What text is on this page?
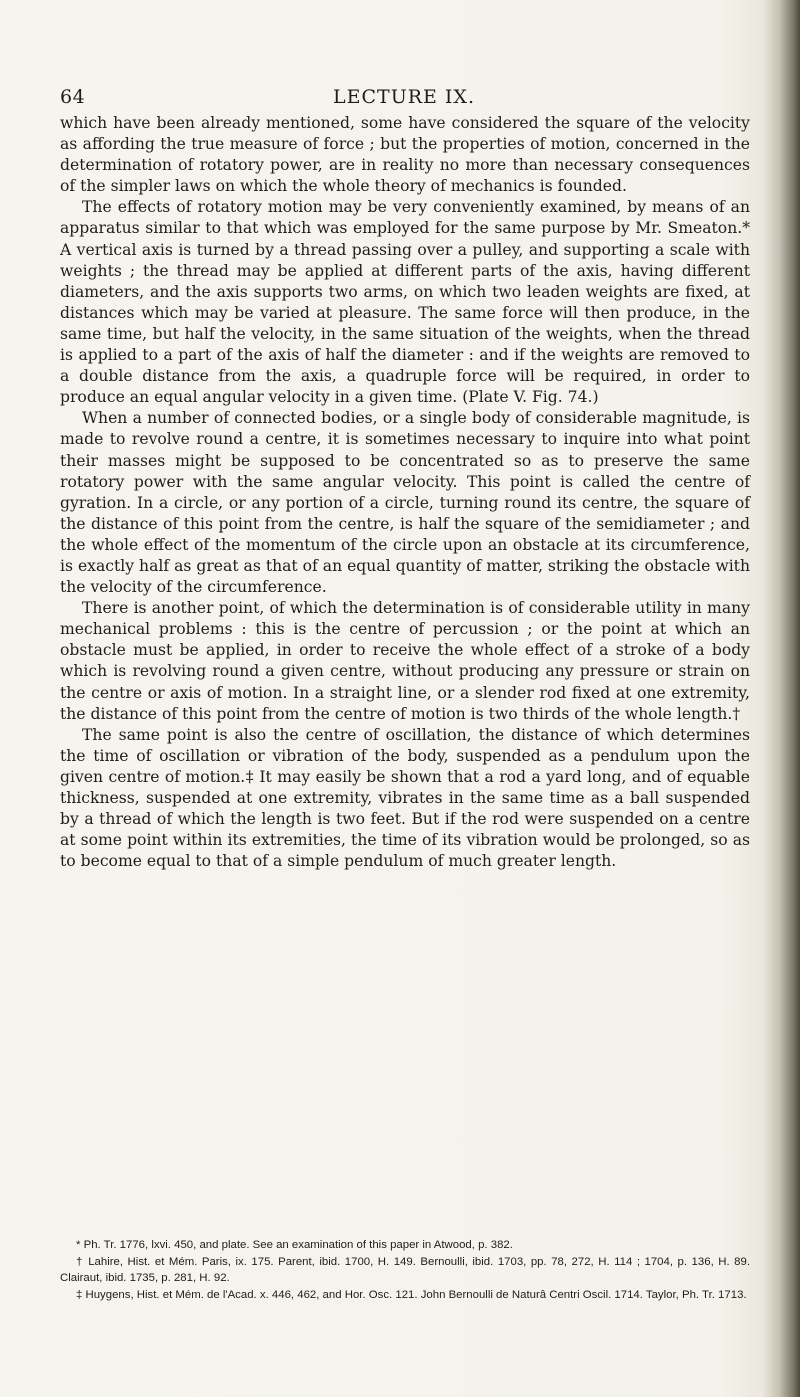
64	LECTURE IX.

which have been already mentioned, some have considered the square of the velocity as affording the true measure of force ; but the properties of motion, concerned in the determination of rotatory power, are in reality no more than necessary consequences of the simpler laws on which the whole theory of mechanics is founded.

The effects of rotatory motion may be very conveniently examined, by means of an apparatus similar to that which was employed for the same purpose by Mr. Smeaton.* A vertical axis is turned by a thread passing over a pulley, and supporting a scale with weights ; the thread may be applied at different parts of the axis, having different diameters, and the axis supports two arms, on which two leaden weights are fixed, at distances which may be varied at pleasure. The same force will then produce, in the same time, but half the velocity, in the same situation of the weights, when the thread is applied to a part of the axis of half the diameter : and if the weights are removed to a double distance from the axis, a quadruple force will be required, in order to produce an equal angular velocity in a given time. (Plate V. Fig. 74.)

When a number of connected bodies, or a single body of considerable magnitude, is made to revolve round a centre, it is sometimes necessary to inquire into what point their masses might be supposed to be concentrated so as to preserve the same rotatory power with the same angular velocity. This point is called the centre of gyration. In a circle, or any portion of a circle, turning round its centre, the square of the distance of this point from the centre, is half the square of the semidiameter ; and the whole effect of the momentum of the circle upon an obstacle at its circumference, is exactly half as great as that of an equal quantity of matter, striking the obstacle with the velocity of the circumference.

There is another point, of which the determination is of considerable utility in many mechanical problems : this is the centre of percussion ; or the point at which an obstacle must be applied, in order to receive the whole effect of a stroke of a body which is revolving round a given centre, without producing any pressure or strain on the centre or axis of motion. In a straight line, or a slender rod fixed at one extremity, the distance of this point from the centre of motion is two thirds of the whole length.†

The same point is also the centre of oscillation, the distance of which determines the time of oscillation or vibration of the body, suspended as a pendulum upon the given centre of motion.‡ It may easily be shown that a rod a yard long, and of equable thickness, suspended at one extremity, vibrates in the same time as a ball suspended by a thread of which the length is two feet. But if the rod were suspended on a centre at some point within its extremities, the time of its vibration would be prolonged, so as to become equal to that of a simple pendulum of much greater length.

* Ph. Tr. 1776, lxvi. 450, and plate. See an examination of this paper in Atwood, p. 382.

† Lahire, Hist. et Mém. Paris, ix. 175. Parent, ibid. 1700, H. 149. Bernoulli, ibid. 1703, pp. 78, 272, H. 114 ; 1704, p. 136, H. 89. Clairaut, ibid. 1735, p. 281, H. 92.

‡ Huygens, Hist. et Mém. de l'Acad. x. 446, 462, and Hor. Osc. 121. John Bernoulli de Naturâ Centri Oscil. 1714. Taylor, Ph. Tr. 1713.
